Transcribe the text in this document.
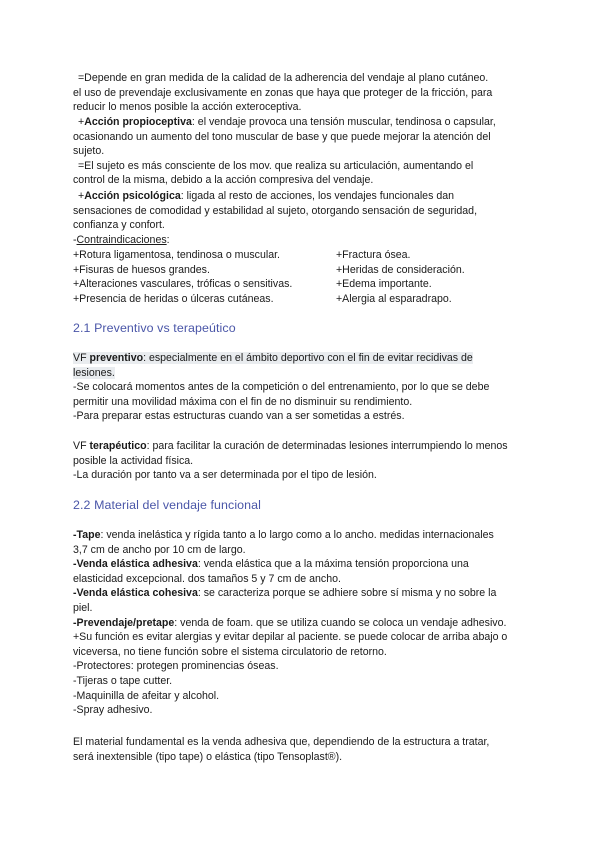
=Depende en gran medida de la calidad de la adherencia del vendaje al plano cutáneo.

el uso de prevendaje exclusivamente en zonas que haya que proteger de la fricción, para

reducir lo menos posible la acción exteroceptiva.

+Acción propioceptiva: el vendaje provoca una tensión muscular, tendinosa o capsular,

ocasionando un aumento del tono muscular de base y que puede mejorar la atención del

sujeto.

=El sujeto es más consciente de los mov. que realiza su articulación, aumentando el

control de la misma, debido a la acción compresiva del vendaje.

+Acción psicológica: ligada al resto de acciones, los vendajes funcionales dan

sensaciones de comodidad y estabilidad al sujeto, otorgando sensación de seguridad,

confianza y confort.

-Contraindicaciones:

+Rotura ligamentosa, tendinosa o muscular.	+Fractura ósea.
+Fisuras de huesos grandes.	+Heridas de consideración.
+Alteraciones vasculares, tróficas o sensitivas.	+Edema importante.
+Presencia de heridas o úlceras cutáneas.	+Alergia al esparadrapo.
2.1 Preventivo vs terapeútico

VF preventivo: especialmente en el ámbito deportivo con el fin de evitar recidivas de

lesiones.

-Se colocará momentos antes de la competición o del entrenamiento, por lo que se debe

permitir una movilidad máxima con el fin de no disminuir su rendimiento.

-Para preparar estas estructuras cuando van a ser sometidas a estrés.

VF terapéutico: para facilitar la curación de determinadas lesiones interrumpiendo lo menos

posible la actividad física.

-La duración por tanto va a ser determinada por el tipo de lesión.

2.2 Material del vendaje funcional

-Tape: venda inelástica y rígida tanto a lo largo como a lo ancho. medidas internacionales

3,7 cm de ancho por 10 cm de largo.

-Venda elástica adhesiva: venda elástica que a la máxima tensión proporciona una

elasticidad excepcional. dos tamaños 5 y 7 cm de ancho.

-Venda elástica cohesiva: se caracteriza porque se adhiere sobre sí misma y no sobre la

piel.

-Prevendaje/pretape: venda de foam. que se utiliza cuando se coloca un vendaje adhesivo.

+Su función es evitar alergias y evitar depilar al paciente. se puede colocar de arriba abajo o

viceversa, no tiene función sobre el sistema circulatorio de retorno.

-Protectores: protegen prominencias óseas.

-Tijeras o tape cutter.

-Maquinilla de afeitar y alcohol.

-Spray adhesivo.

El material fundamental es la venda adhesiva que, dependiendo de la estructura a tratar,

será inextensible (tipo tape) o elástica (tipo Tensoplast®).
